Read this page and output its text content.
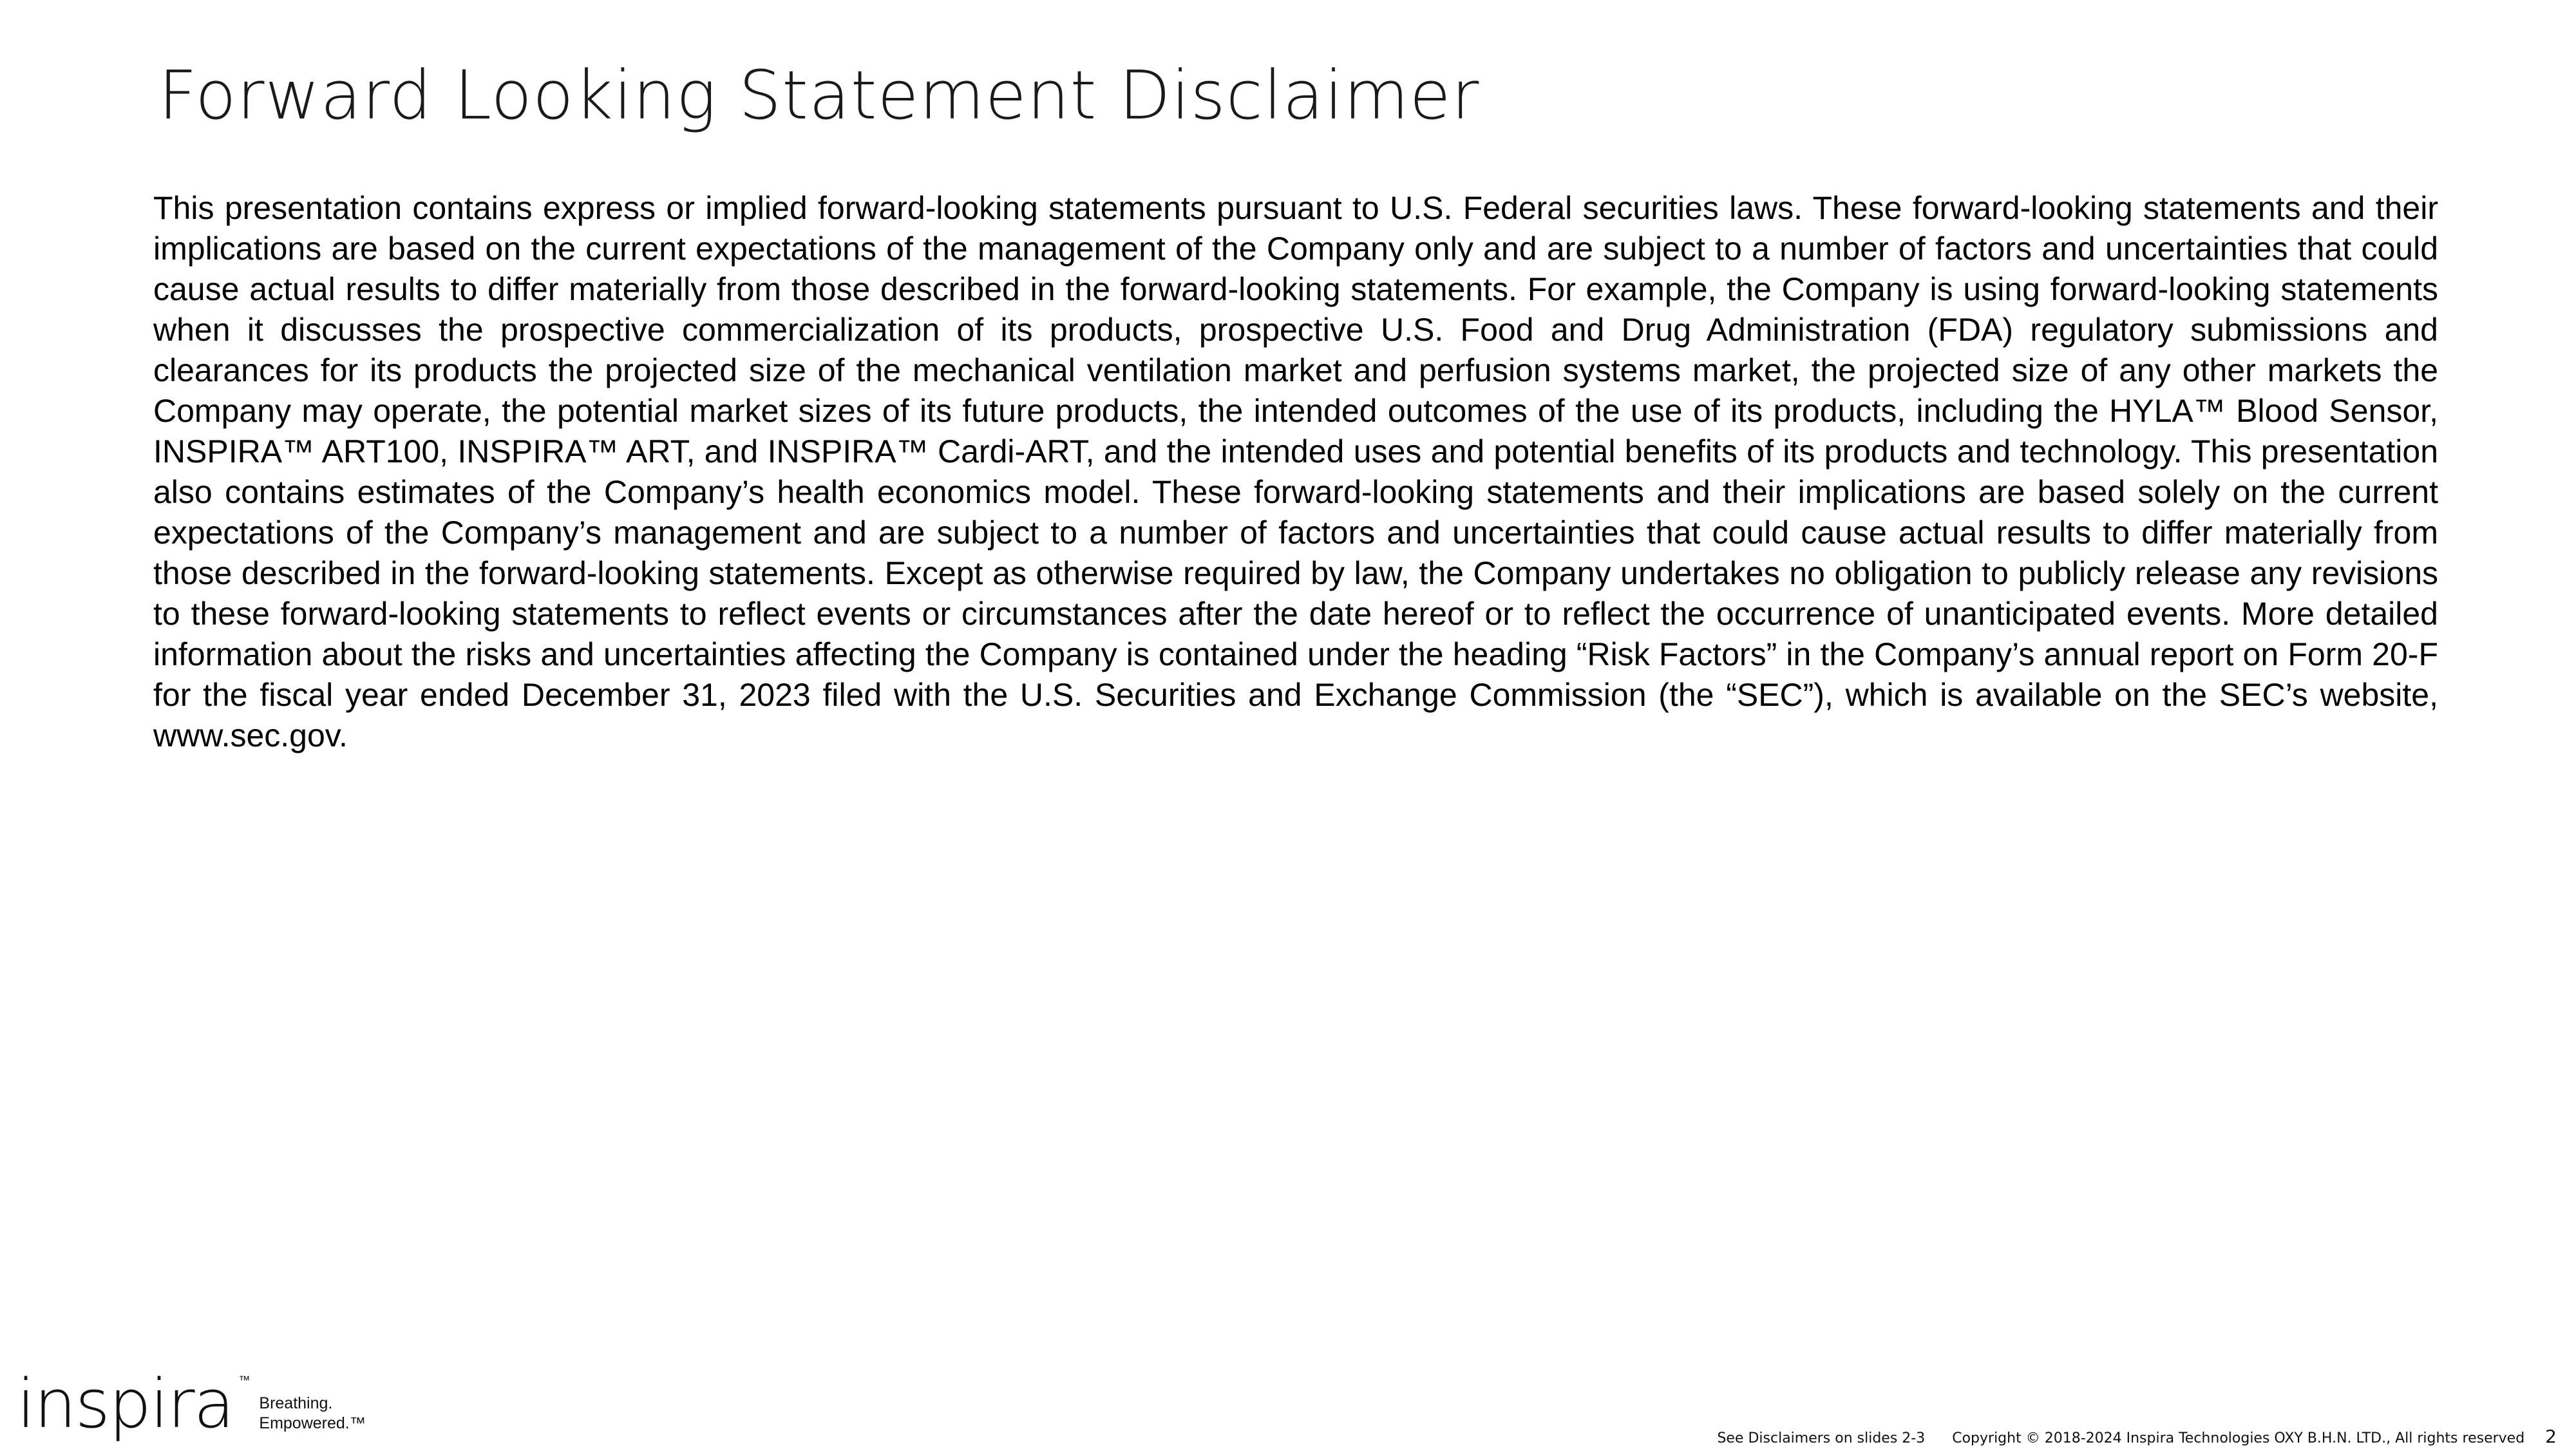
Forward Looking Statement Disclaimer

This presentation contains express or implied forward-looking statements pursuant to U.S. Federal securities laws. These forward-looking statements and their implications are based on the current expectations of the management of the Company only and are subject to a number of factors and uncertainties that could cause actual results to differ materially from those described in the forward-looking statements. For example, the Company is using forward-looking statements when it discusses the prospective commercialization of its products, prospective U.S. Food and Drug Administration (FDA) regulatory submissions and clearances for its products the projected size of the mechanical ventilation market and perfusion systems market, the projected size of any other markets the Company may operate, the potential market sizes of its future products, the intended outcomes of the use of its products, including the HYLA™ Blood Sensor, INSPIRA™ ART100, INSPIRA™ ART, and INSPIRA™ Cardi-ART, and the intended uses and potential benefits of its products and technology. This presentation also contains estimates of the Company’s health economics model. These forward-looking statements and their implications are based solely on the current expectations of the Company’s management and are subject to a number of factors and uncertainties that could cause actual results to differ materially from those described in the forward-looking statements. Except as otherwise required by law, the Company undertakes no obligation to publicly release any revisions to these forward-looking statements to reflect events or circumstances after the date hereof or to reflect the occurrence of unanticipated events. More detailed information about the risks and uncertainties affecting the Company is contained under the heading “Risk Factors” in the Company’s annual report on Form 20-F for the fiscal year ended December 31, 2023 filed with the U.S. Securities and Exchange Commission (the “SEC”), which is available on the SEC’s website, www.sec.gov.

inspira ™
Breathing.
Empowered.™
See Disclaimers on slides 2-3 Copyright © 2018-2024 Inspira Technologies OXY B.H.N. LTD., All rights reserved 2
